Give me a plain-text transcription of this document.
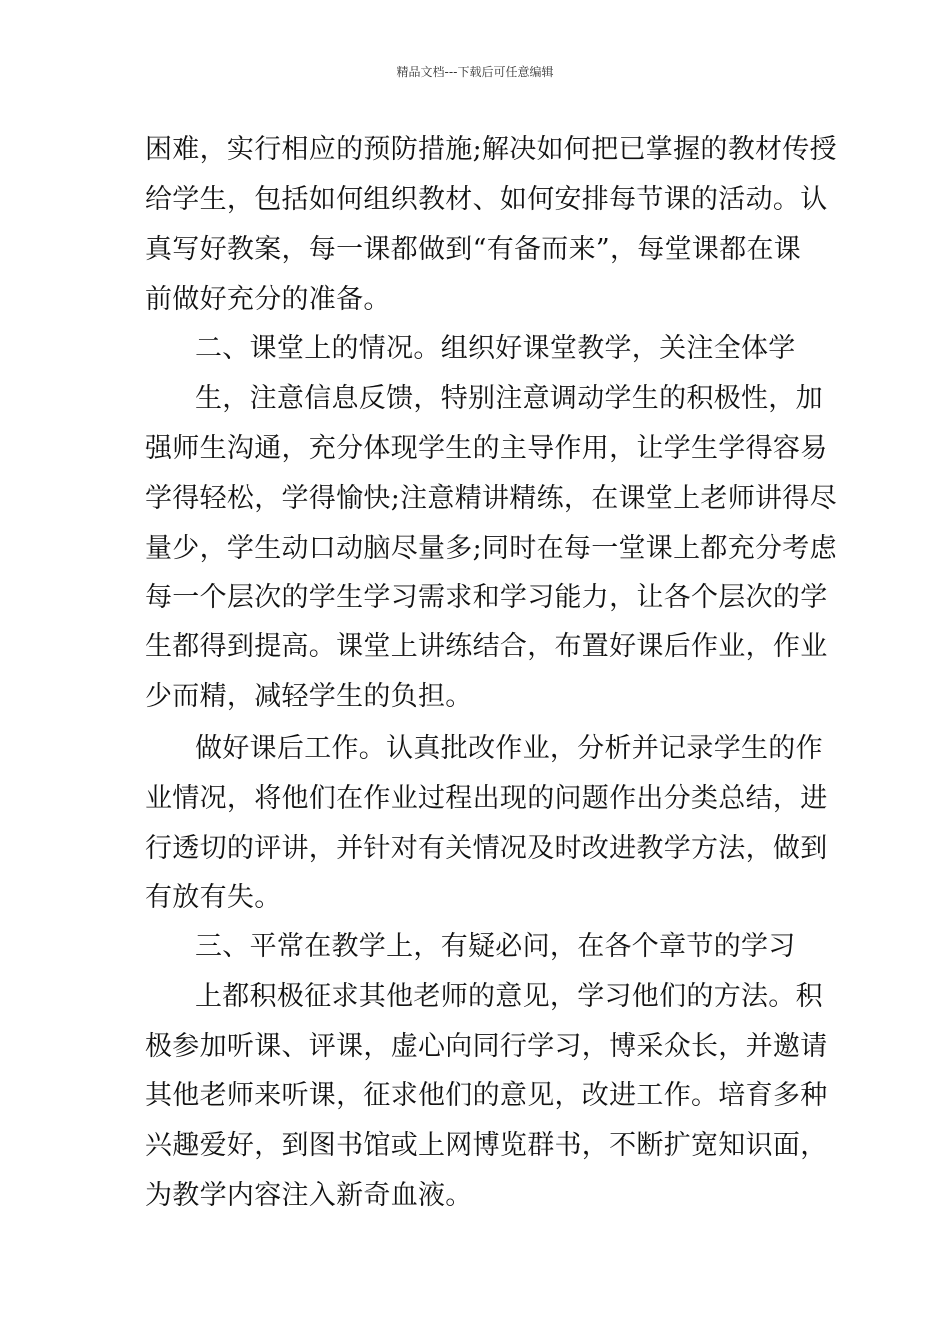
精品文档---下载后可任意编辑
困难，实行相应的预防措施;解决如何把已掌握的教材传授
给学生，包括如何组织教材、如何安排每节课的活动。认
真写好教案，每一课都做到“有备而来”，每堂课都在课
前做好充分的准备。
二、课堂上的情况。组织好课堂教学，关注全体学
生，注意信息反馈，特别注意调动学生的积极性，加
强师生沟通，充分体现学生的主导作用，让学生学得容易
学得轻松，学得愉快;注意精讲精练，在课堂上老师讲得尽
量少，学生动口动脑尽量多;同时在每一堂课上都充分考虑
每一个层次的学生学习需求和学习能力，让各个层次的学
生都得到提高。课堂上讲练结合，布置好课后作业，作业
少而精，减轻学生的负担。
做好课后工作。认真批改作业，分析并记录学生的作
业情况，将他们在作业过程出现的问题作出分类总结，进
行透切的评讲，并针对有关情况及时改进教学方法，做到
有放有失。
三、平常在教学上，有疑必问，在各个章节的学习
上都积极征求其他老师的意见，学习他们的方法。积
极参加听课、评课，虚心向同行学习，博采众长，并邀请
其他老师来听课，征求他们的意见，改进工作。培育多种
兴趣爱好，到图书馆或上网博览群书，不断扩宽知识面，
为教学内容注入新奇血液。
